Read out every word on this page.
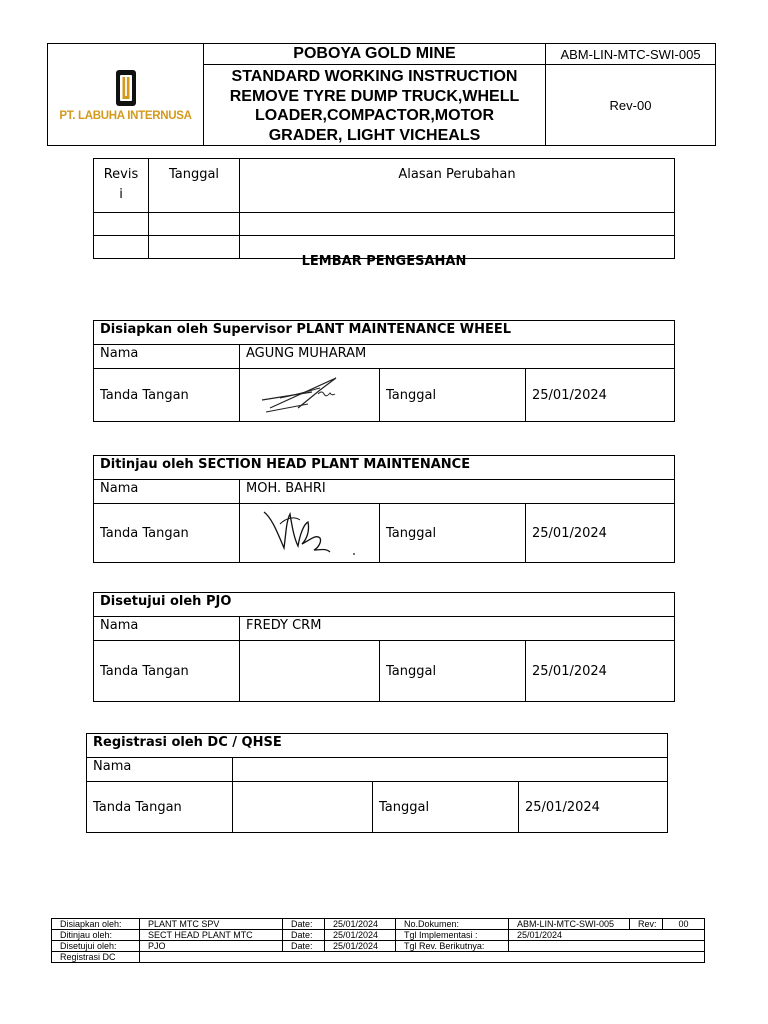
PT. LABUHA INTERNUSA	POBOYA GOLD MINE	ABM-LIN-MTC-SWI-005

	STANDARD WORKING INSTRUCTION
REMOVE TYRE DUMP TRUCK,WHELL
LOADER,COMPACTOR,MOTOR
GRADER, LIGHT VICHEALS	Rev-00
Revis
i	Tanggal	Alasan Perubahan

LEMBAR PENGESAHAN
Disiapkan oleh Supervisor PLANT MAINTENANCE WHEEL			
Nama	AGUNG MUHARAM		
Tanda Tangan		Tanggal	25/01/2024
Ditinjau oleh SECTION HEAD PLANT MAINTENANCE			
Nama	MOH. BAHRI		
Tanda Tangan		Tanggal	25/01/2024
Disetujui oleh PJO			
Nama	FREDY CRM		
Tanda Tangan		Tanggal	25/01/2024
Registrasi oleh DC / QHSE			
Nama			
Tanda Tangan		Tanggal	25/01/2024
Disiapkan oleh:	PLANT MTC SPV	Date:	25/01/2024	No.Dokumen:	ABM-LIN-MTC-SWI-005	Rev:	00
Ditinjau oleh:	SECT HEAD PLANT MTC	Date:	25/01/2024	Tgl Implementasi :	25/01/2024		
Disetujui oleh:	PJO	Date:	25/01/2024	Tgl Rev. Berikutnya:			
Registrasi DC							
